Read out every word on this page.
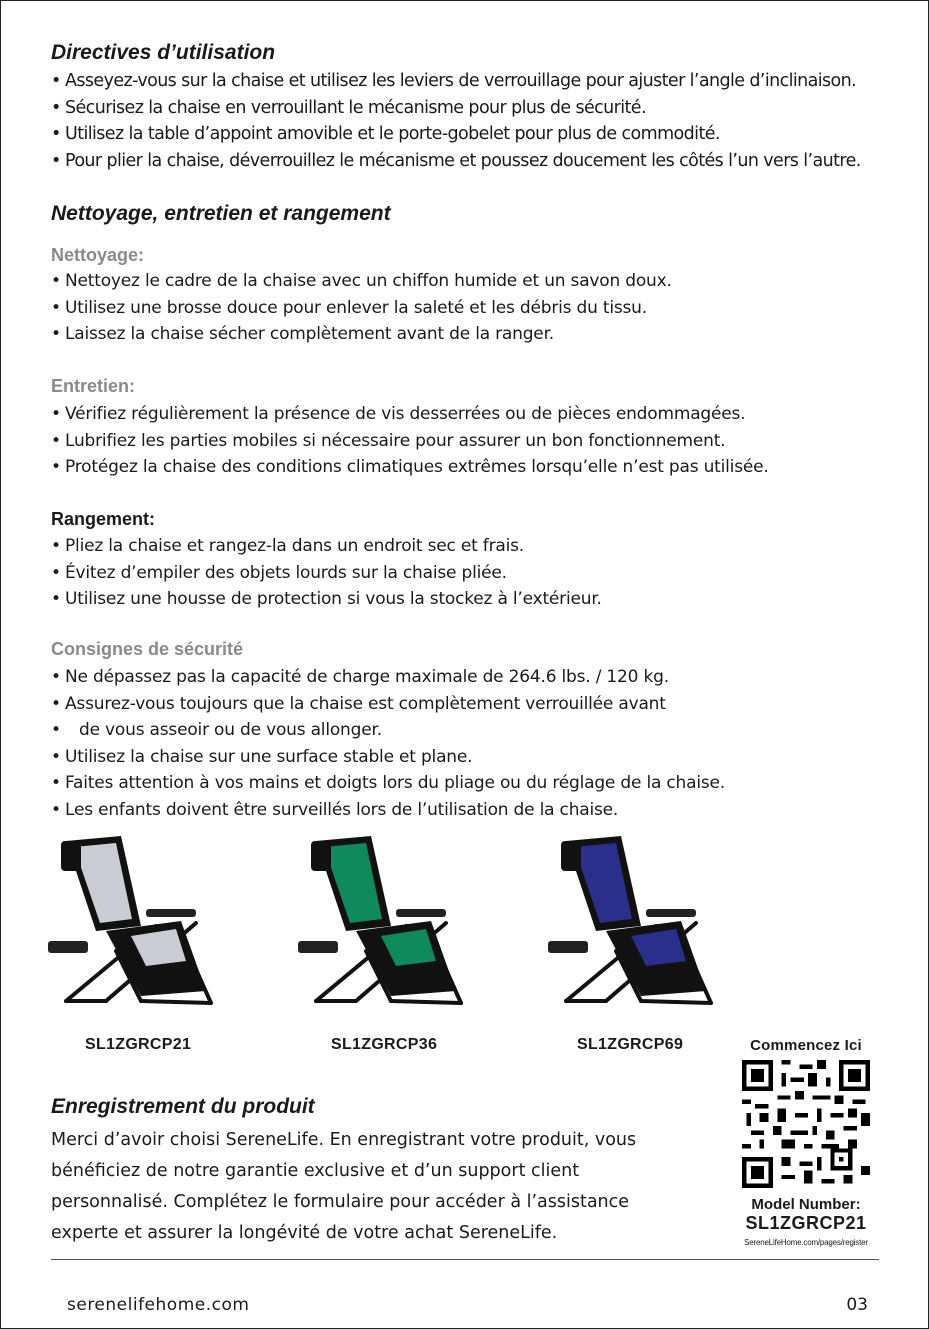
Directives d’utilisation
• Asseyez-vous sur la chaise et utilisez les leviers de verrouillage pour ajuster l’angle d’inclinaison.
• Sécurisez la chaise en verrouillant le mécanisme pour plus de sécurité.
• Utilisez la table d’appoint amovible et le porte-gobelet pour plus de commodité.
• Pour plier la chaise, déverrouillez le mécanisme et poussez doucement les côtés l’un vers l’autre.
Nettoyage, entretien et rangement
Nettoyage:
• Nettoyez le cadre de la chaise avec un chiffon humide et un savon doux.
• Utilisez une brosse douce pour enlever la saleté et les débris du tissu.
• Laissez la chaise sécher complètement avant de la ranger.
Entretien:
• Vérifiez régulièrement la présence de vis desserrées ou de pièces endommagées.
• Lubrifiez les parties mobiles si nécessaire pour assurer un bon fonctionnement.
• Protégez la chaise des conditions climatiques extrêmes lorsqu’elle n’est pas utilisée.
Rangement:
• Pliez la chaise et rangez-la dans un endroit sec et frais.
• Évitez d’empiler des objets lourds sur la chaise pliée.
• Utilisez une housse de protection si vous la stockez à l’extérieur.
Consignes de sécurité
• Ne dépassez pas la capacité de charge maximale de 264.6 lbs. / 120 kg.
• Assurez-vous toujours que la chaise est complètement verrouillée avant
• de vous asseoir ou de vous allonger.
• Utilisez la chaise sur une surface stable et plane.
• Faites attention à vos mains et doigts lors du pliage ou du réglage de la chaise.
• Les enfants doivent être surveillés lors de l’utilisation de la chaise.
SL1ZGRCP21	SL1ZGRCP36	SL1ZGRCP69
Enregistrement du produit

Merci d’avoir choisi SereneLife. En enregistrant votre produit, vous bénéficiez de notre garantie exclusive et d’un support client personnalisé. Complétez le formulaire pour accéder à l’assistance experte et assurer la longévité de votre achat SereneLife.

Commencez Ici
Model Number:
SL1ZGRCP21
SereneLifeHome.com/pages/register
serenelifehome.com	03
